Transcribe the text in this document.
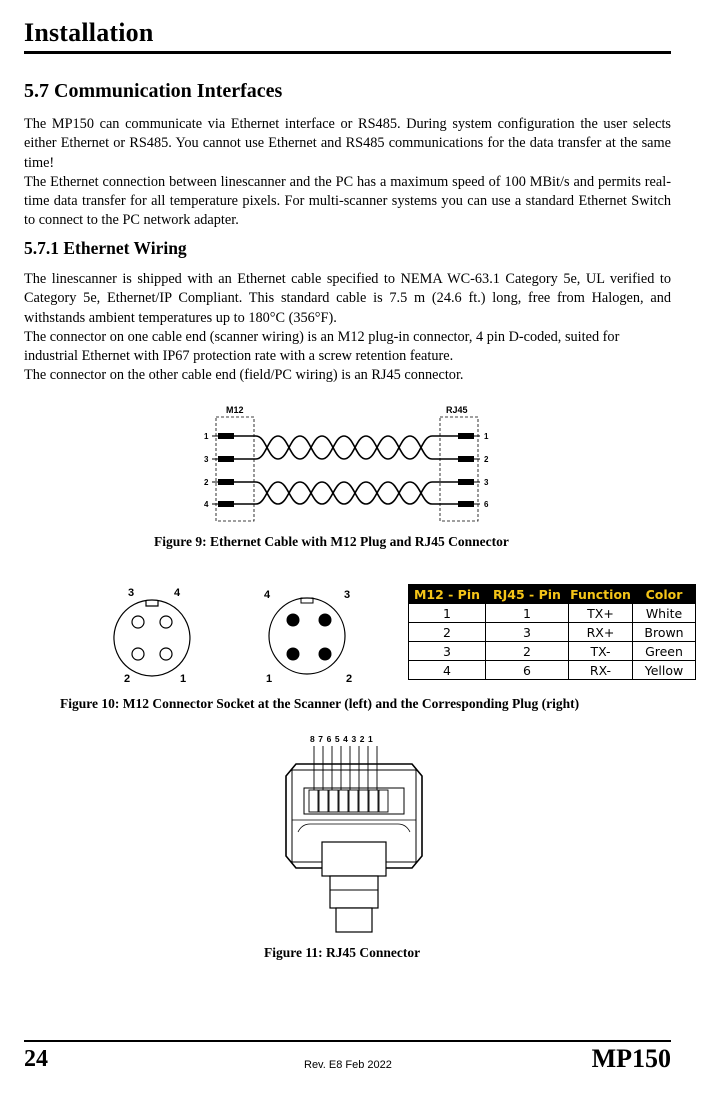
Installation
5.7 Communication Interfaces

The MP150 can communicate via Ethernet interface or RS485. During system configuration the user selects either Ethernet or RS485. You cannot use Ethernet and RS485 communications for the data transfer at the same time!

The Ethernet connection between linescanner and the PC has a maximum speed of 100 MBit/s and permits real-time data transfer for all temperature pixels. For multi-scanner systems you can use a standard Ethernet Switch to connect to the PC network adapter.

5.7.1 Ethernet Wiring

The linescanner is shipped with an Ethernet cable specified to NEMA WC-63.1 Category 5e, UL verified to Category 5e, Ethernet/IP Compliant. This standard cable is 7.5 m (24.6 ft.) long, free from Halogen, and withstands ambient temperatures up to 180°C (356°F).

The connector on one cable end (scanner wiring) is an M12 plug-in connector, 4 pin D-coded, suited for industrial Ethernet with IP67 protection rate with a screw retention feature.

The connector on the other cable end (field/PC wiring) is an RJ45 connector.

M12	RJ45
1
3
2
4
1
2
3
6
Figure 9: Ethernet Cable with M12 Plug and RJ45 Connector
3	4
2	1
4	3
1	2
M12 - Pin	RJ45 - Pin	Function	Color
1	1	TX+	White
2	3	RX+	Brown
3	2	TX-	Green
4	6	RX-	Yellow
Figure 10: M12 Connector Socket at the Scanner (left) and the Corresponding Plug (right)
8 7 6 5 4 3 2 1
Figure 11: RJ45 Connector
24	Rev. E8 Feb 2022	MP150
